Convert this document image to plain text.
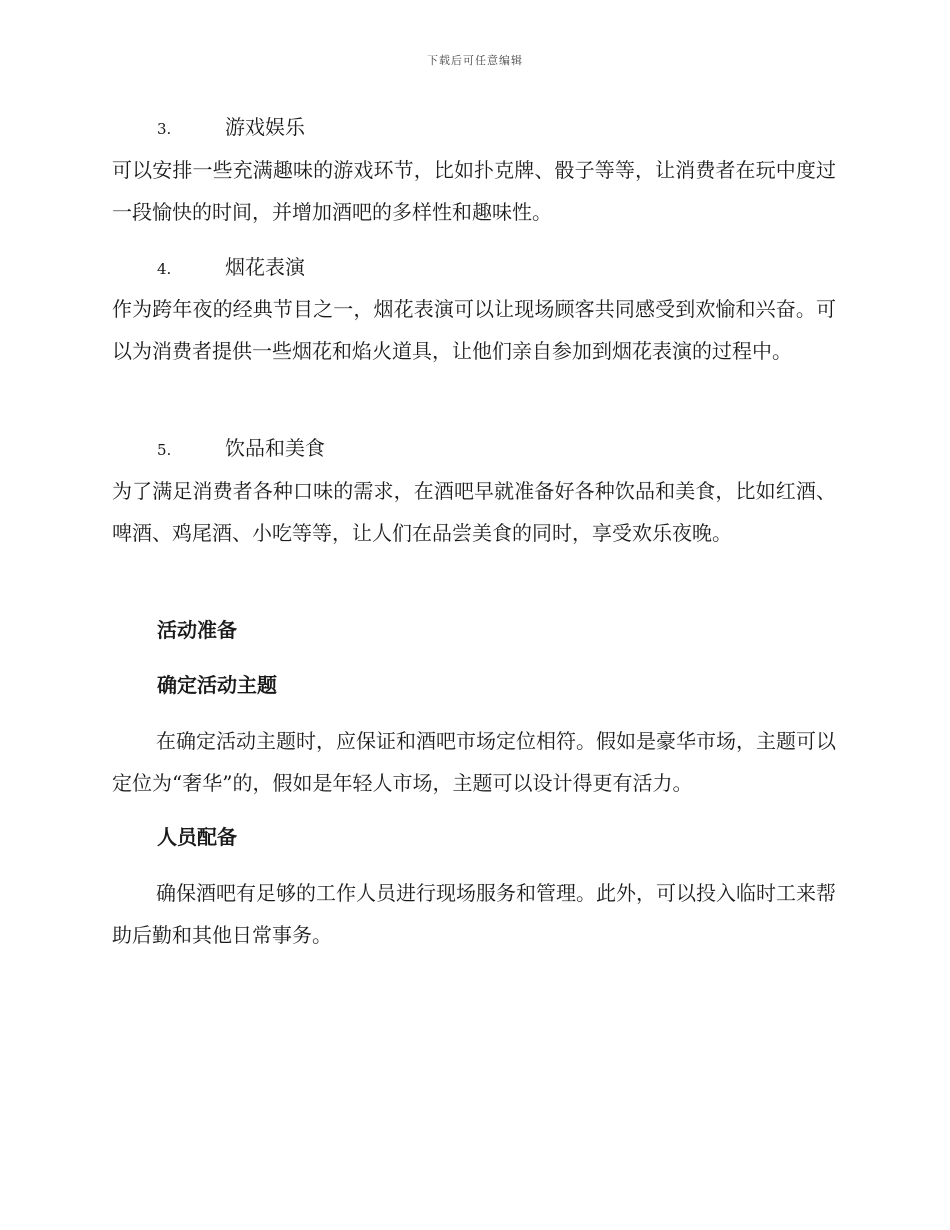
下载后可任意编辑
3.	游戏娱乐
可以安排一些充满趣味的游戏环节，比如扑克牌、骰子等等，让消费者在玩中度过一段愉快的时间，并增加酒吧的多样性和趣味性。
4.	烟花表演
作为跨年夜的经典节目之一，烟花表演可以让现场顾客共同感受到欢愉和兴奋。可以为消费者提供一些烟花和焰火道具，让他们亲自参加到烟花表演的过程中。
5.	饮品和美食
为了满足消费者各种口味的需求，在酒吧早就准备好各种饮品和美食，比如红酒、啤酒、鸡尾酒、小吃等等，让人们在品尝美食的同时，享受欢乐夜晚。
活动准备
确定活动主题
在确定活动主题时，应保证和酒吧市场定位相符。假如是豪华市场，主题可以定位为“奢华”的，假如是年轻人市场，主题可以设计得更有活力。
人员配备
确保酒吧有足够的工作人员进行现场服务和管理。此外，可以投入临时工来帮助后勤和其他日常事务。
